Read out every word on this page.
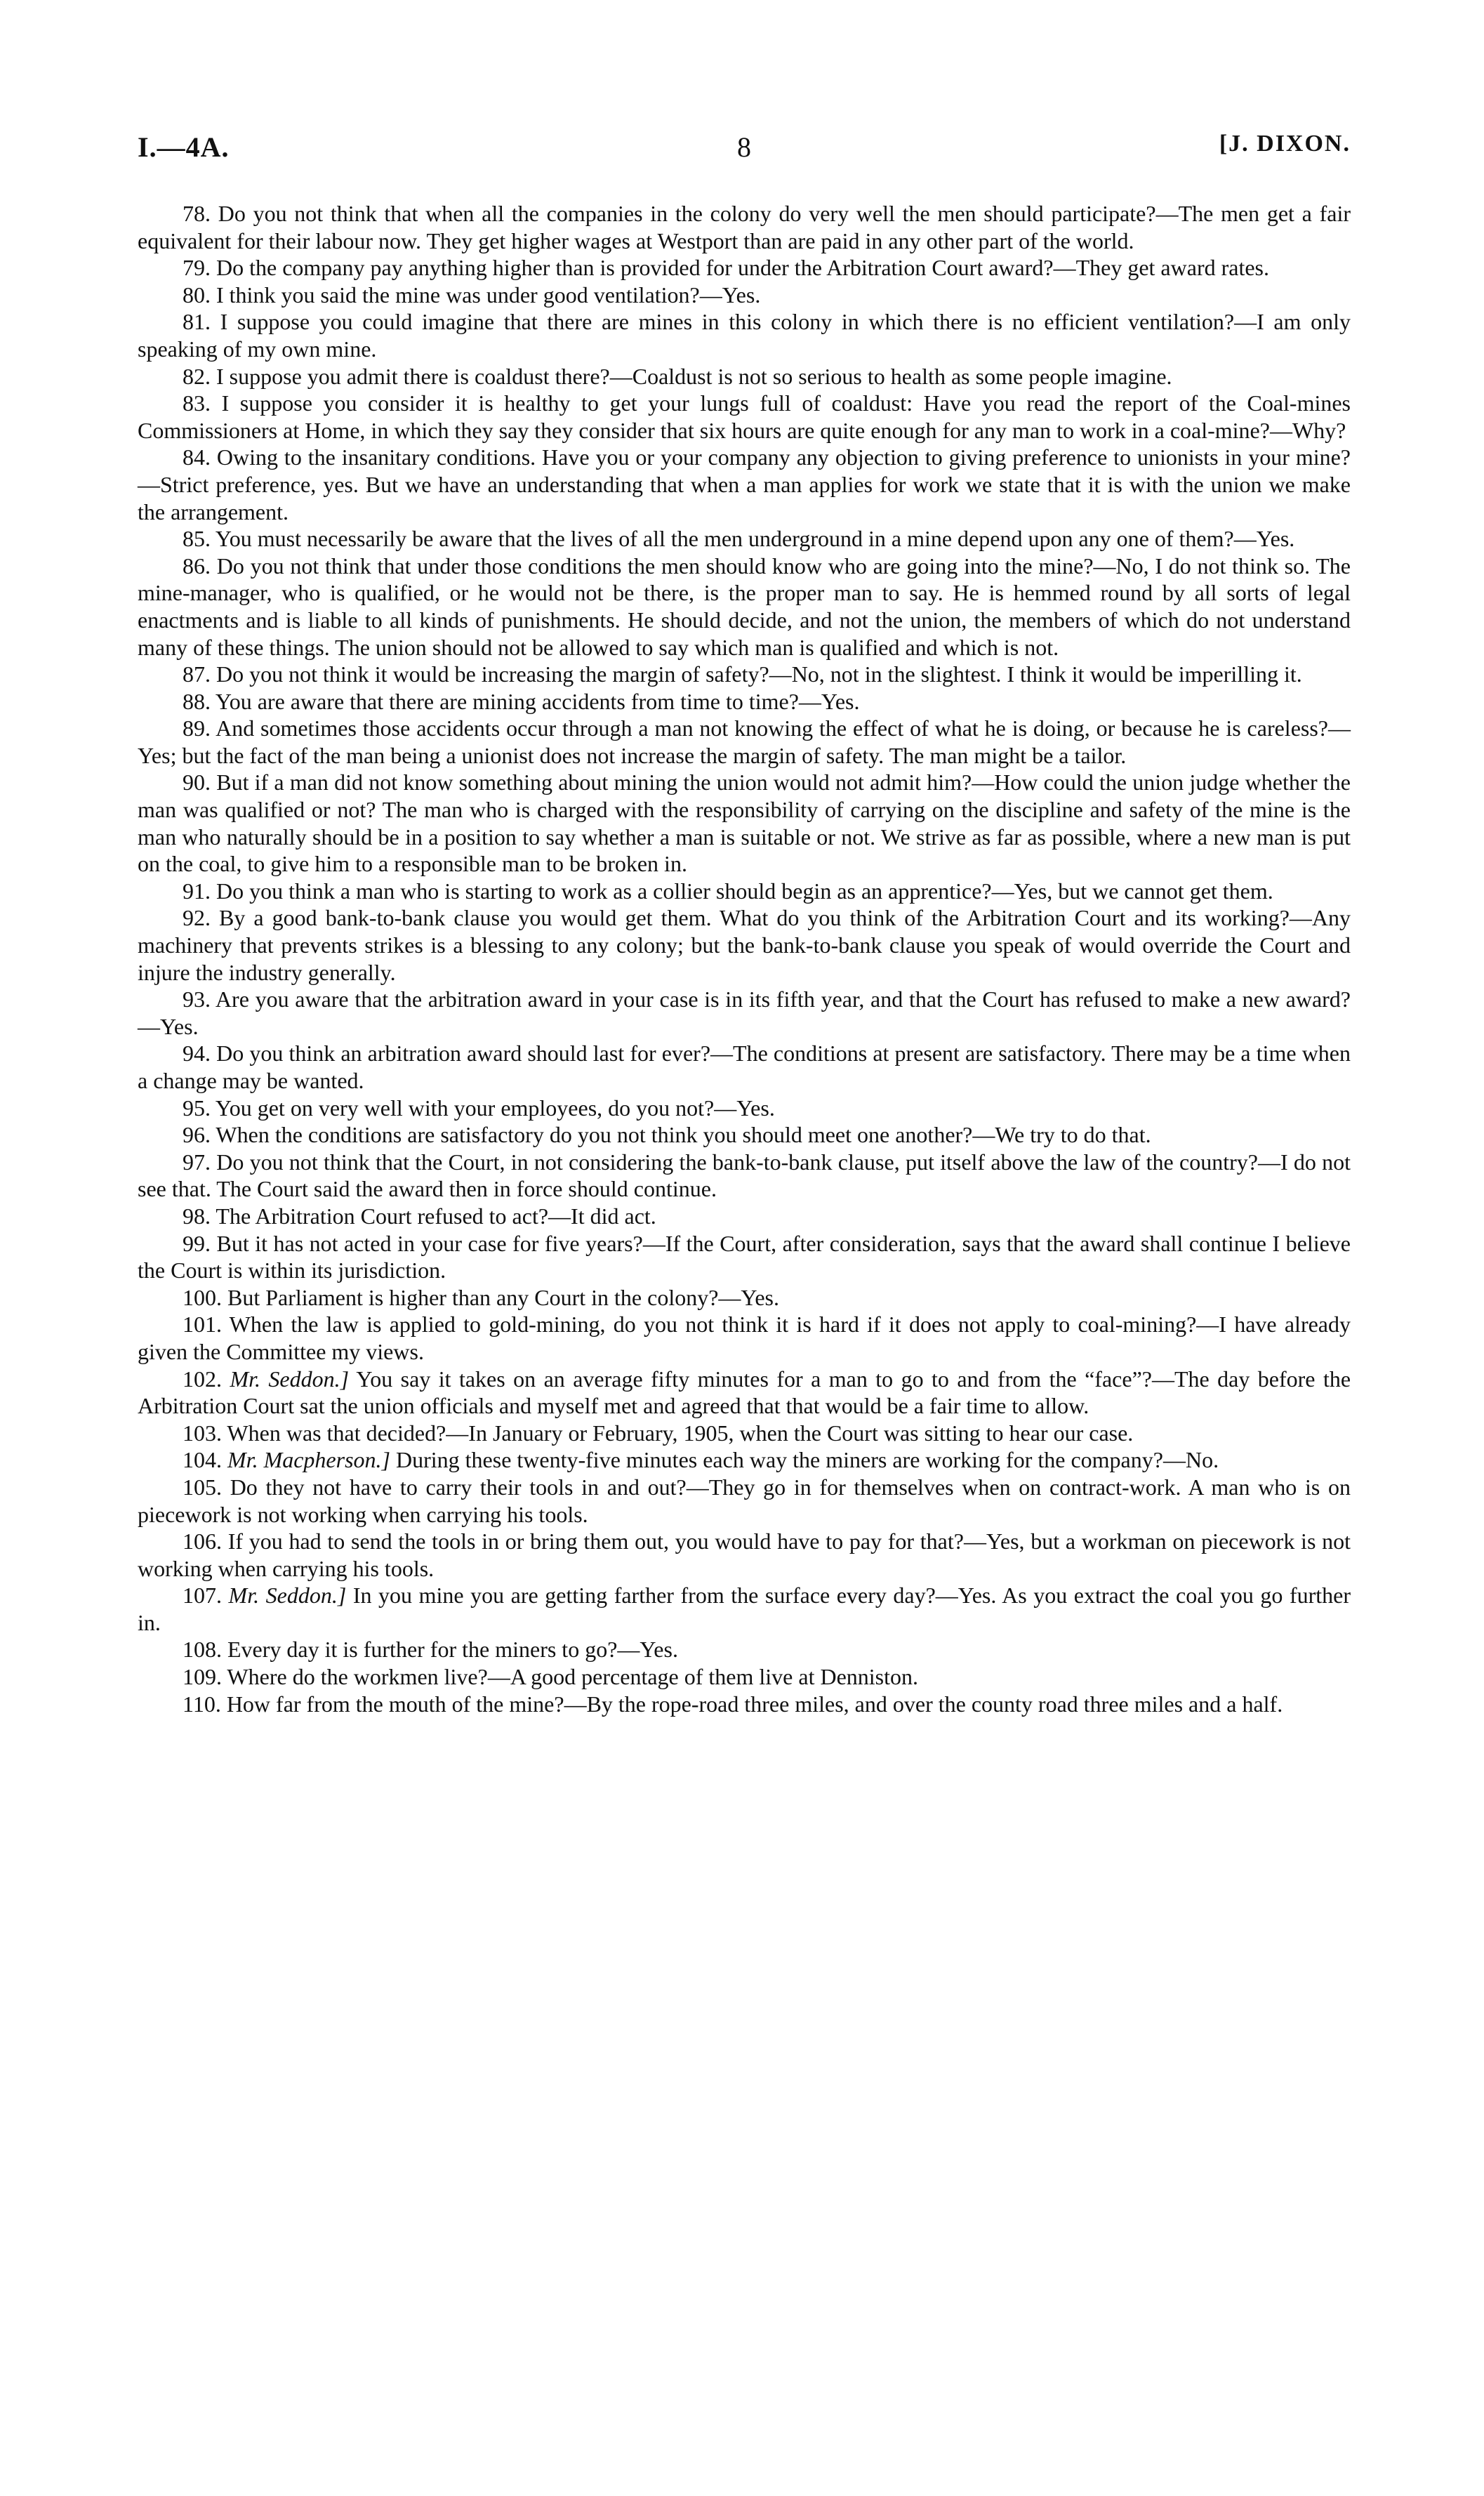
I.—4A.	8	[J. DIXON.

78. Do you not think that when all the companies in the colony do very well the men should participate?—The men get a fair equivalent for their labour now. They get higher wages at Westport than are paid in any other part of the world.

79. Do the company pay anything higher than is provided for under the Arbitration Court award?—They get award rates.

80. I think you said the mine was under good ventilation?—Yes.

81. I suppose you could imagine that there are mines in this colony in which there is no efficient ventilation?—I am only speaking of my own mine.

82. I suppose you admit there is coaldust there?—Coaldust is not so serious to health as some people imagine.

83. I suppose you consider it is healthy to get your lungs full of coaldust: Have you read the report of the Coal-mines Commissioners at Home, in which they say they consider that six hours are quite enough for any man to work in a coal-mine?—Why?

84. Owing to the insanitary conditions. Have you or your company any objection to giving preference to unionists in your mine?—Strict preference, yes. But we have an understanding that when a man applies for work we state that it is with the union we make the arrangement.

85. You must necessarily be aware that the lives of all the men underground in a mine depend upon any one of them?—Yes.

86. Do you not think that under those conditions the men should know who are going into the mine?—No, I do not think so. The mine-manager, who is qualified, or he would not be there, is the proper man to say. He is hemmed round by all sorts of legal enactments and is liable to all kinds of punishments. He should decide, and not the union, the members of which do not understand many of these things. The union should not be allowed to say which man is qualified and which is not.

87. Do you not think it would be increasing the margin of safety?—No, not in the slightest. I think it would be imperilling it.

88. You are aware that there are mining accidents from time to time?—Yes.

89. And sometimes those accidents occur through a man not knowing the effect of what he is doing, or because he is careless?—Yes; but the fact of the man being a unionist does not increase the margin of safety. The man might be a tailor.

90. But if a man did not know something about mining the union would not admit him?—How could the union judge whether the man was qualified or not? The man who is charged with the responsibility of carrying on the discipline and safety of the mine is the man who naturally should be in a position to say whether a man is suitable or not. We strive as far as possible, where a new man is put on the coal, to give him to a responsible man to be broken in.

91. Do you think a man who is starting to work as a collier should begin as an apprentice?—Yes, but we cannot get them.

92. By a good bank-to-bank clause you would get them. What do you think of the Arbitration Court and its working?—Any machinery that prevents strikes is a blessing to any colony; but the bank-to-bank clause you speak of would override the Court and injure the industry generally.

93. Are you aware that the arbitration award in your case is in its fifth year, and that the Court has refused to make a new award?—Yes.

94. Do you think an arbitration award should last for ever?—The conditions at present are satisfactory. There may be a time when a change may be wanted.

95. You get on very well with your employees, do you not?—Yes.

96. When the conditions are satisfactory do you not think you should meet one another?—We try to do that.

97. Do you not think that the Court, in not considering the bank-to-bank clause, put itself above the law of the country?—I do not see that. The Court said the award then in force should continue.

98. The Arbitration Court refused to act?—It did act.

99. But it has not acted in your case for five years?—If the Court, after consideration, says that the award shall continue I believe the Court is within its jurisdiction.

100. But Parliament is higher than any Court in the colony?—Yes.

101. When the law is applied to gold-mining, do you not think it is hard if it does not apply to coal-mining?—I have already given the Committee my views.

102. Mr. Seddon.] You say it takes on an average fifty minutes for a man to go to and from the “face”?—The day before the Arbitration Court sat the union officials and myself met and agreed that that would be a fair time to allow.

103. When was that decided?—In January or February, 1905, when the Court was sitting to hear our case.

104. Mr. Macpherson.] During these twenty-five minutes each way the miners are working for the company?—No.

105. Do they not have to carry their tools in and out?—They go in for themselves when on contract-work. A man who is on piecework is not working when carrying his tools.

106. If you had to send the tools in or bring them out, you would have to pay for that?—Yes, but a workman on piecework is not working when carrying his tools.

107. Mr. Seddon.] In you mine you are getting farther from the surface every day?—Yes. As you extract the coal you go further in.

108. Every day it is further for the miners to go?—Yes.

109. Where do the workmen live?—A good percentage of them live at Denniston.

110. How far from the mouth of the mine?—By the rope-road three miles, and over the county road three miles and a half.
